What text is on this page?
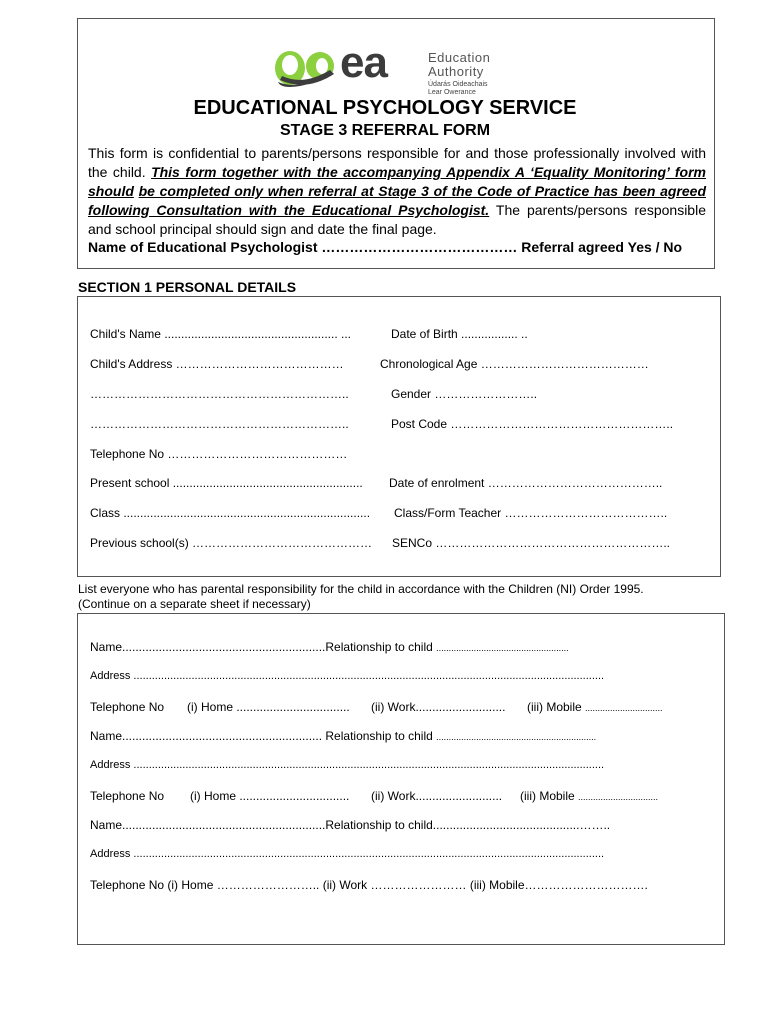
ea	Education
Authority
Údarás Oideachais
Lear Owerance
EDUCATIONAL PSYCHOLOGY SERVICE
STAGE 3 REFERRAL FORM
This form is confidential to parents/persons responsible for and those professionally involved with the child. This form together with the accompanying Appendix A ‘Equality Monitoring’ form should be completed only when referral at Stage 3 of the Code of Practice has been agreed following Consultation with the Educational Psychologist. The parents/persons responsible and school principal should sign and date the final page.
Name of Educational Psychologist …………………………………… Referral agreed Yes / No
SECTION 1 PERSONAL DETAILS
Child's Name .................................................... ...	Date of Birth ................. ..
Child's Address ……………………………………	Chronological Age ……………………………………
………………………………………………………..	Gender ……………………..
………………………………………………………..	Post Code ………………………………………………..
Telephone No ………………………………………
Present school ......................................................... Date of enrolment ……………………………………..
Class .......................................................................... Class/Form Teacher …………………………………..
Previous school(s) ……………………………………… SENCo …………………………………………………..
List everyone who has parental responsibility for the child in accordance with the Children (NI) Order 1995. (Continue on a separate sheet if necessary)
Name.............................................................Relationship to child .....................................................
Address ..........................................................................................................................................................
Telephone No (i) Home .................................. (ii) Work........................... (iii) Mobile ...............................
Name............................................................ Relationship to child ................................................................
Address ..........................................................................................................................................................
Telephone No (i) Home ................................. (ii) Work.......................... (iii) Mobile ................................
Name.............................................................Relationship to child............................................……..
Address ..........................................................................................................................................................
Telephone No (i) Home …………………….. (ii) Work …………………… (iii) Mobile………………………….
